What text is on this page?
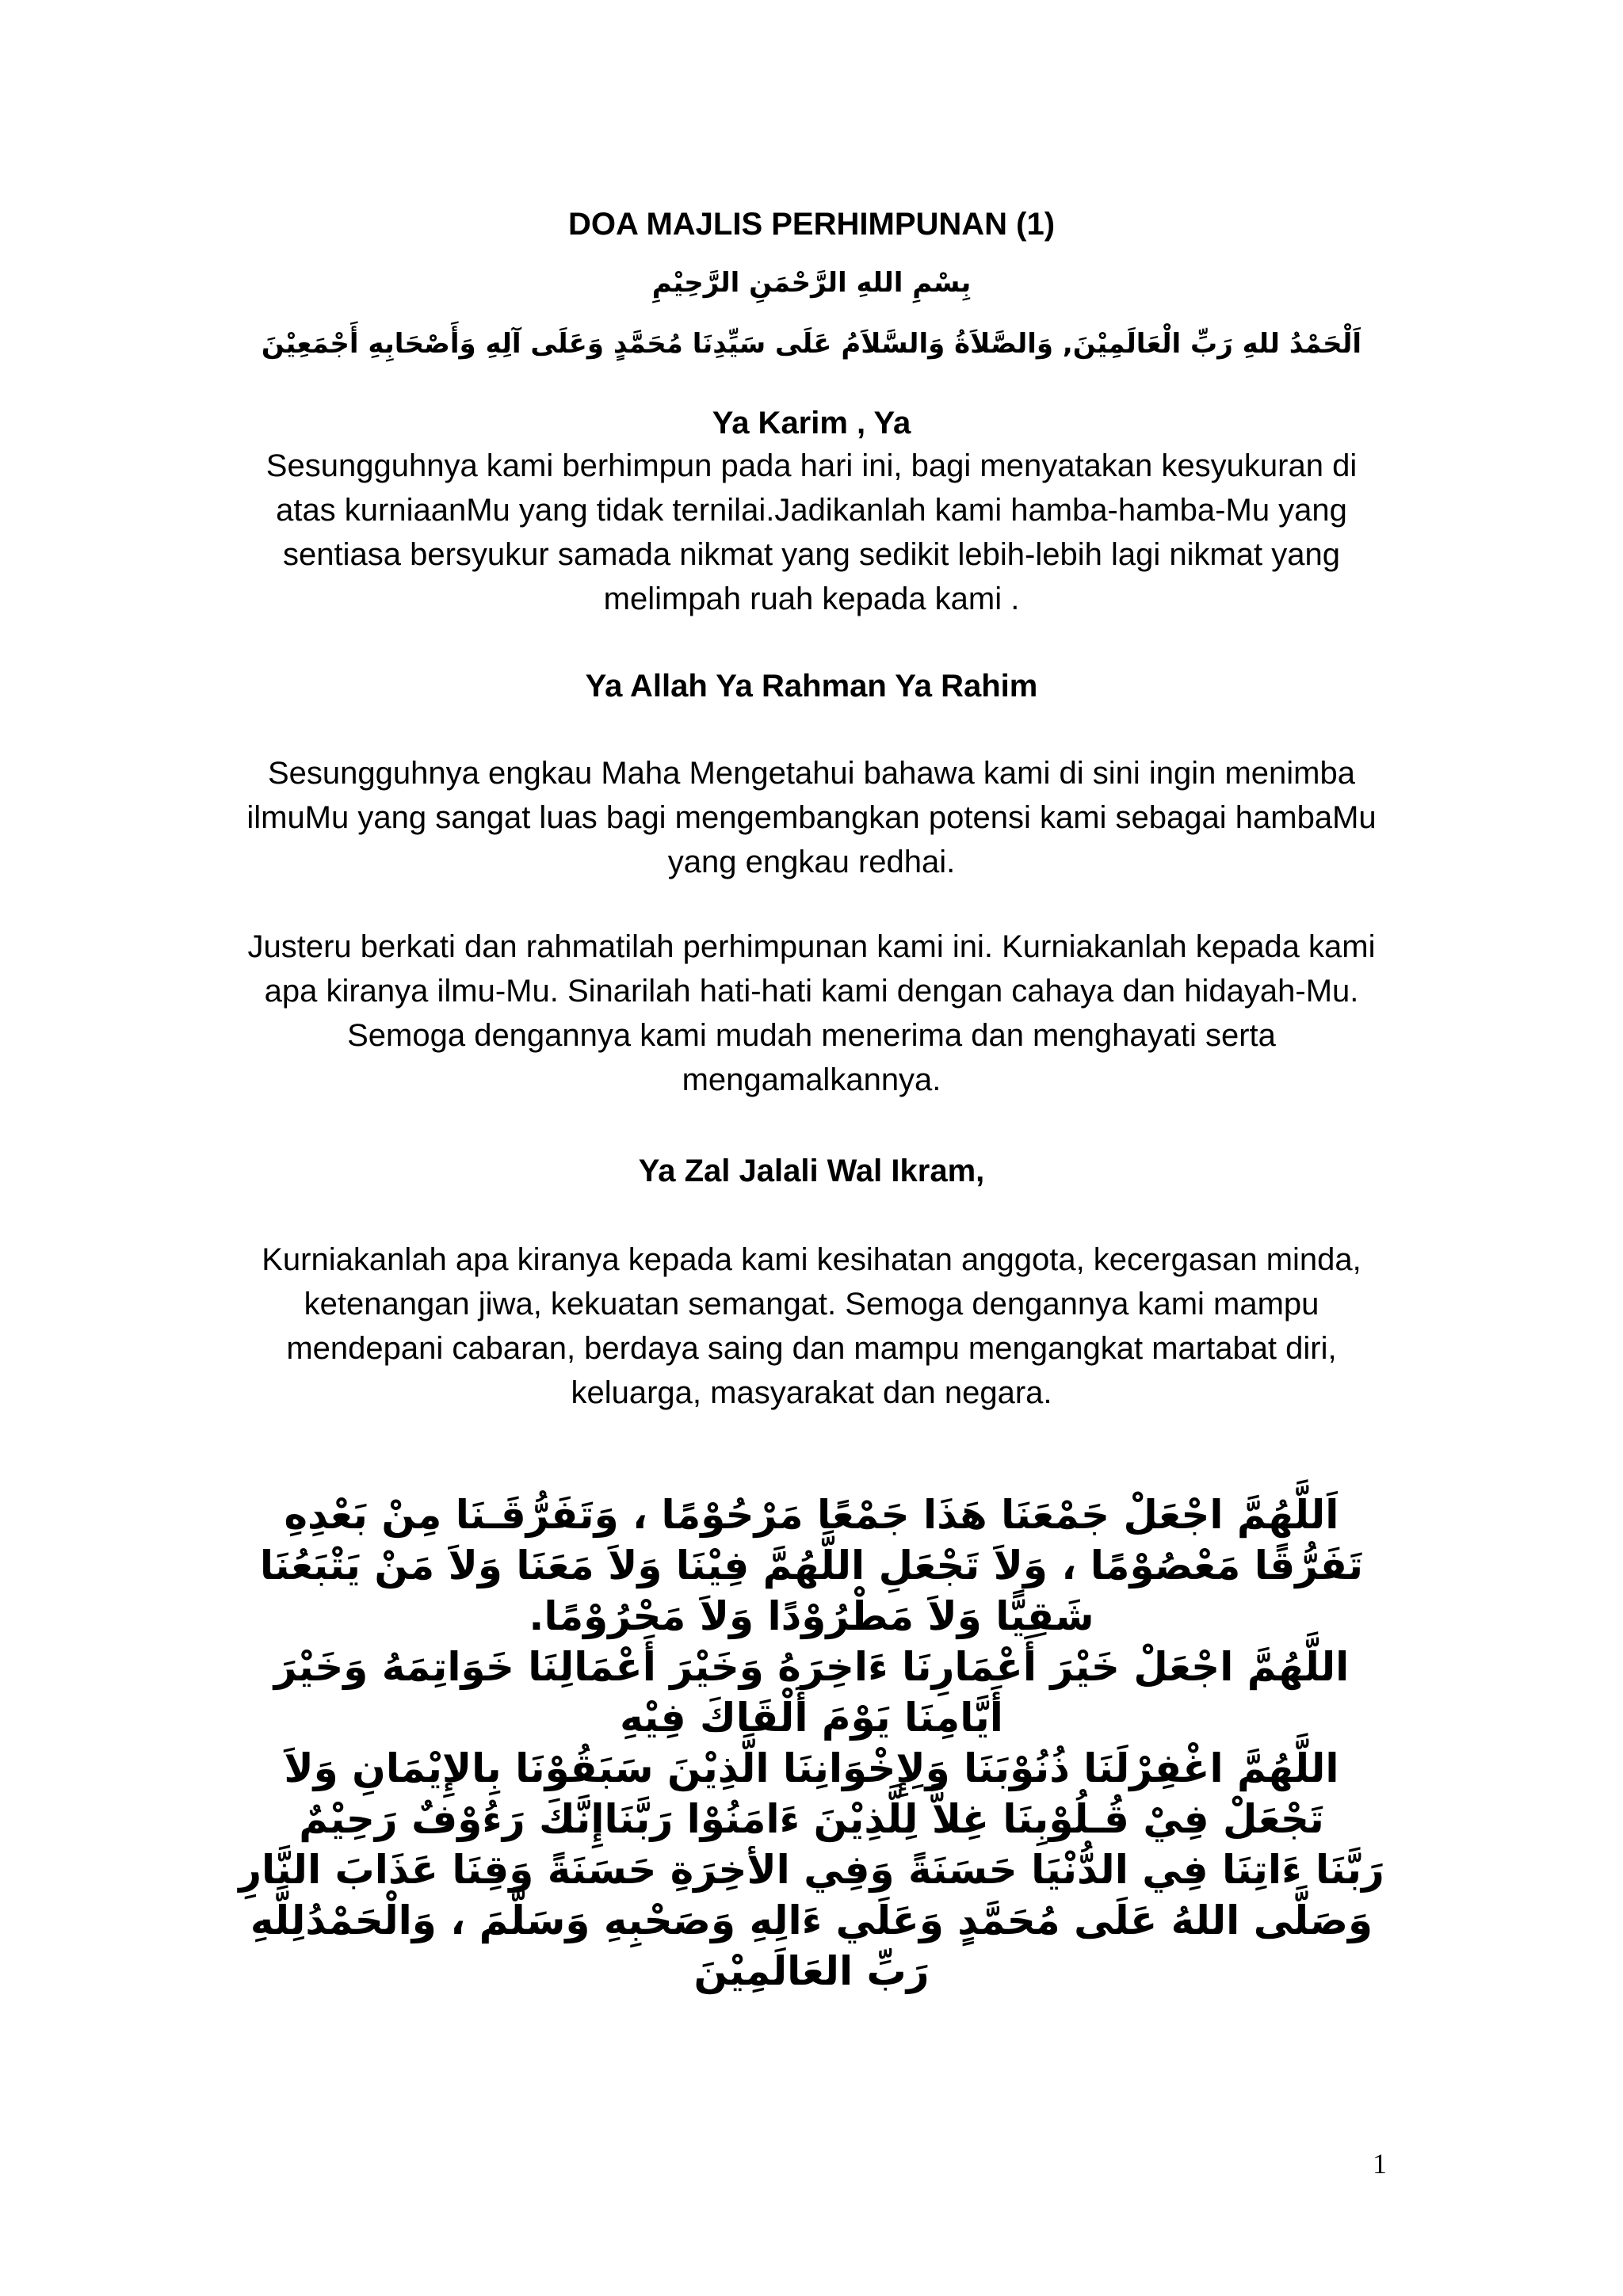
DOA MAJLIS PERHIMPUNAN (1)
بِسْمِ اللهِ الرَّحْمَنِ الرَّحِيْمِ
اَلْحَمْدُ للهِ رَبِّ الْعَالَمِيْنَ, وَالصَّلاَةُ وَالسَّلاَمُ عَلَى سَيِّدِنَا مُحَمَّدٍ وَعَلَى آلِهِ وَأَصْحَابِهِ أَجْمَعِيْنَ
Ya Karim , Ya
Sesungguhnya kami berhimpun pada hari ini, bagi menyatakan kesyukuran di
atas kurniaanMu yang tidak ternilai.Jadikanlah kami hamba-hamba-Mu yang
sentiasa bersyukur samada nikmat yang sedikit lebih-lebih lagi nikmat yang
melimpah ruah kepada kami .
Ya Allah Ya Rahman Ya Rahim
Sesungguhnya engkau Maha Mengetahui bahawa kami di sini ingin menimba
ilmuMu yang sangat luas bagi mengembangkan potensi kami sebagai hambaMu
yang engkau redhai.
Justeru berkati dan rahmatilah perhimpunan kami ini. Kurniakanlah kepada kami
apa kiranya ilmu-Mu. Sinarilah hati-hati kami dengan cahaya dan hidayah-Mu.
Semoga dengannya kami mudah menerima dan menghayati serta
mengamalkannya.
Ya Zal Jalali Wal Ikram,
Kurniakanlah apa kiranya kepada kami kesihatan anggota, kecergasan minda,
ketenangan jiwa, kekuatan semangat. Semoga dengannya kami mampu
mendepani cabaran, berdaya saing dan mampu mengangkat martabat diri,
keluarga, masyarakat dan negara.
اَللَّهُمَّ اجْعَلْ جَمْعَنَا هَذَا جَمْعًا مَرْحُوْمًا ، وَتَفَرُّقَـنَا مِنْ بَعْدِهِ
تَفَرُّقًا مَعْصُوْمًا ، وَلاَ تَجْعَلِ اللَّهُمَّ فِيْنَا وَلاَ مَعَنَا وَلاَ مَنْ يَتْبَعُنَا
شَقِيًّا وَلاَ مَطْرُوْدًا وَلاَ مَحْرُوْمًا.
اللَّهُمَّ اجْعَلْ خَيْرَ أَعْمَارِنَا ءَاخِرَهُ وَخَيْرَ أَعْمَالِنَا خَوَاتِمَهُ وَخَيْرَ
أَيَّامِنَا يَوْمَ أَلْقَاكَ فِيْهِ
اللَّهُمَّ اغْفِرْلَنَا ذُنُوْبَنَا وَلِإِخْوَانِنَا الَّذِيْنَ سَبَقُوْنَا بِالإِيْمَانِ وَلاَ
تَجْعَلْ فِيْ قُـلُوْبِنَا غِلاًّ لِلَّذِيْنَ ءَامَنُوْا رَبَّنَاإِنَّكَ رَءُوْفٌ رَحِيْمٌ
رَبَّنَا ءَاتِنَا فِي الدُّنْيَا حَسَنَةً وَفِي الأخِرَةِ حَسَنَةً وَقِنَا عَذَابَ النَّارِ
وَصَلَّى اللهُ عَلَى مُحَمَّدٍ وَعَلَي ءَالِهِ وَصَحْبِهِ وَسَلَّمَ ، وَالْحَمْدُلِلَّهِ
رَبِّ العَالَمِيْنَ
1
